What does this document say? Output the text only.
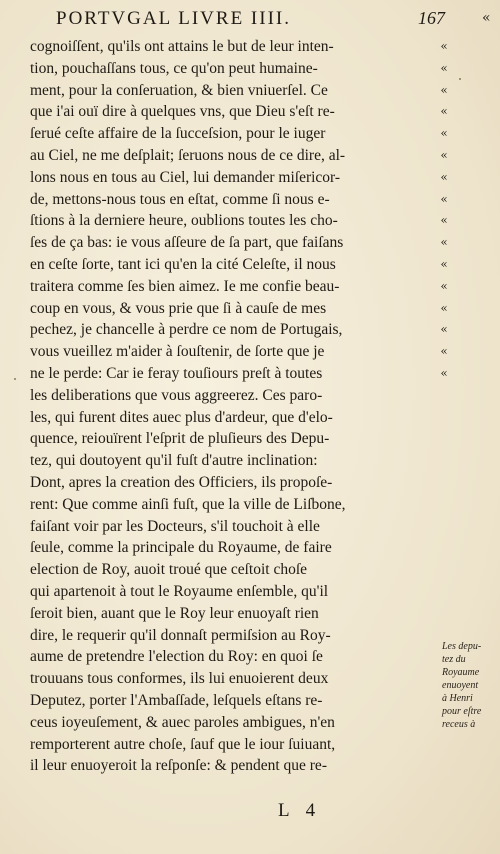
PORTVGAL LIVRE IIII.	167	«
cognoiſſent, qu'ils ont attains le but de leur inten-
tion, pouchaſſans tous, ce qu'on peut humaine-
ment, pour la conſeruation, & bien vniuerſel. Ce
que i'ai ouï dire à quelques vns, que Dieu s'eſt re-
ſerué ceſte affaire de la ſucceſsion, pour le iuger
au Ciel, ne me deſplait; ſeruons nous de ce dire, al-
lons nous en tous au Ciel, lui demander miſericor-
de, mettons-nous tous en eſtat, comme ſi nous e-
ſtions à la derniere heure, oublions toutes les cho-
ſes de ça bas: ie vous aſſeure de ſa part, que faiſans
en ceſte ſorte, tant ici qu'en la cité Celeſte, il nous
traitera comme ſes bien aimez. Ie me confie beau-
coup en vous, & vous prie que ſi à cauſe de mes
pechez, je chancelle à perdre ce nom de Portugais,
vous vueillez m'aider à ſouſtenir, de ſorte que je
ne le perde: Car ie feray touſiours preſt à toutes
les deliberations que vous aggreerez. Ces paro-
les, qui furent dites auec plus d'ardeur, que d'elo-
quence, reiouïrent l'eſprit de pluſieurs des Depu-
tez, qui doutoyent qu'il fuſt d'autre inclination:
Dont, apres la creation des Officiers, ils propoſe-
rent: Que comme ainſi fuſt, que la ville de Liſbone,
faiſant voir par les Docteurs, s'il touchoit à elle
ſeule, comme la principale du Royaume, de faire
election de Roy, auoit troué que ceſtoit choſe
qui apartenoit à tout le Royaume enſemble, qu'il
ſeroit bien, auant que le Roy leur enuoyaſt rien
dire, le requerir qu'il donnaſt permiſsion au Roy-
aume de pretendre l'election du Roy: en quoi ſe
trouuans tous conformes, ils lui enuoierent deux
Deputez, porter l'Ambaſſade, leſquels eſtans re-
ceus ioyeuſement, & auec paroles ambigues, n'en
remporterent autre choſe, ſauf que le iour ſuiuant,
il leur enuoyeroit la reſponſe: & pendent que re-
«
«
«
«
«
«
«
«
«
«
«
«
«
«
«
«
Les depu-
tez du
Royaume
enuoyent
à Henri
pour eſtre
receus à
L 4
